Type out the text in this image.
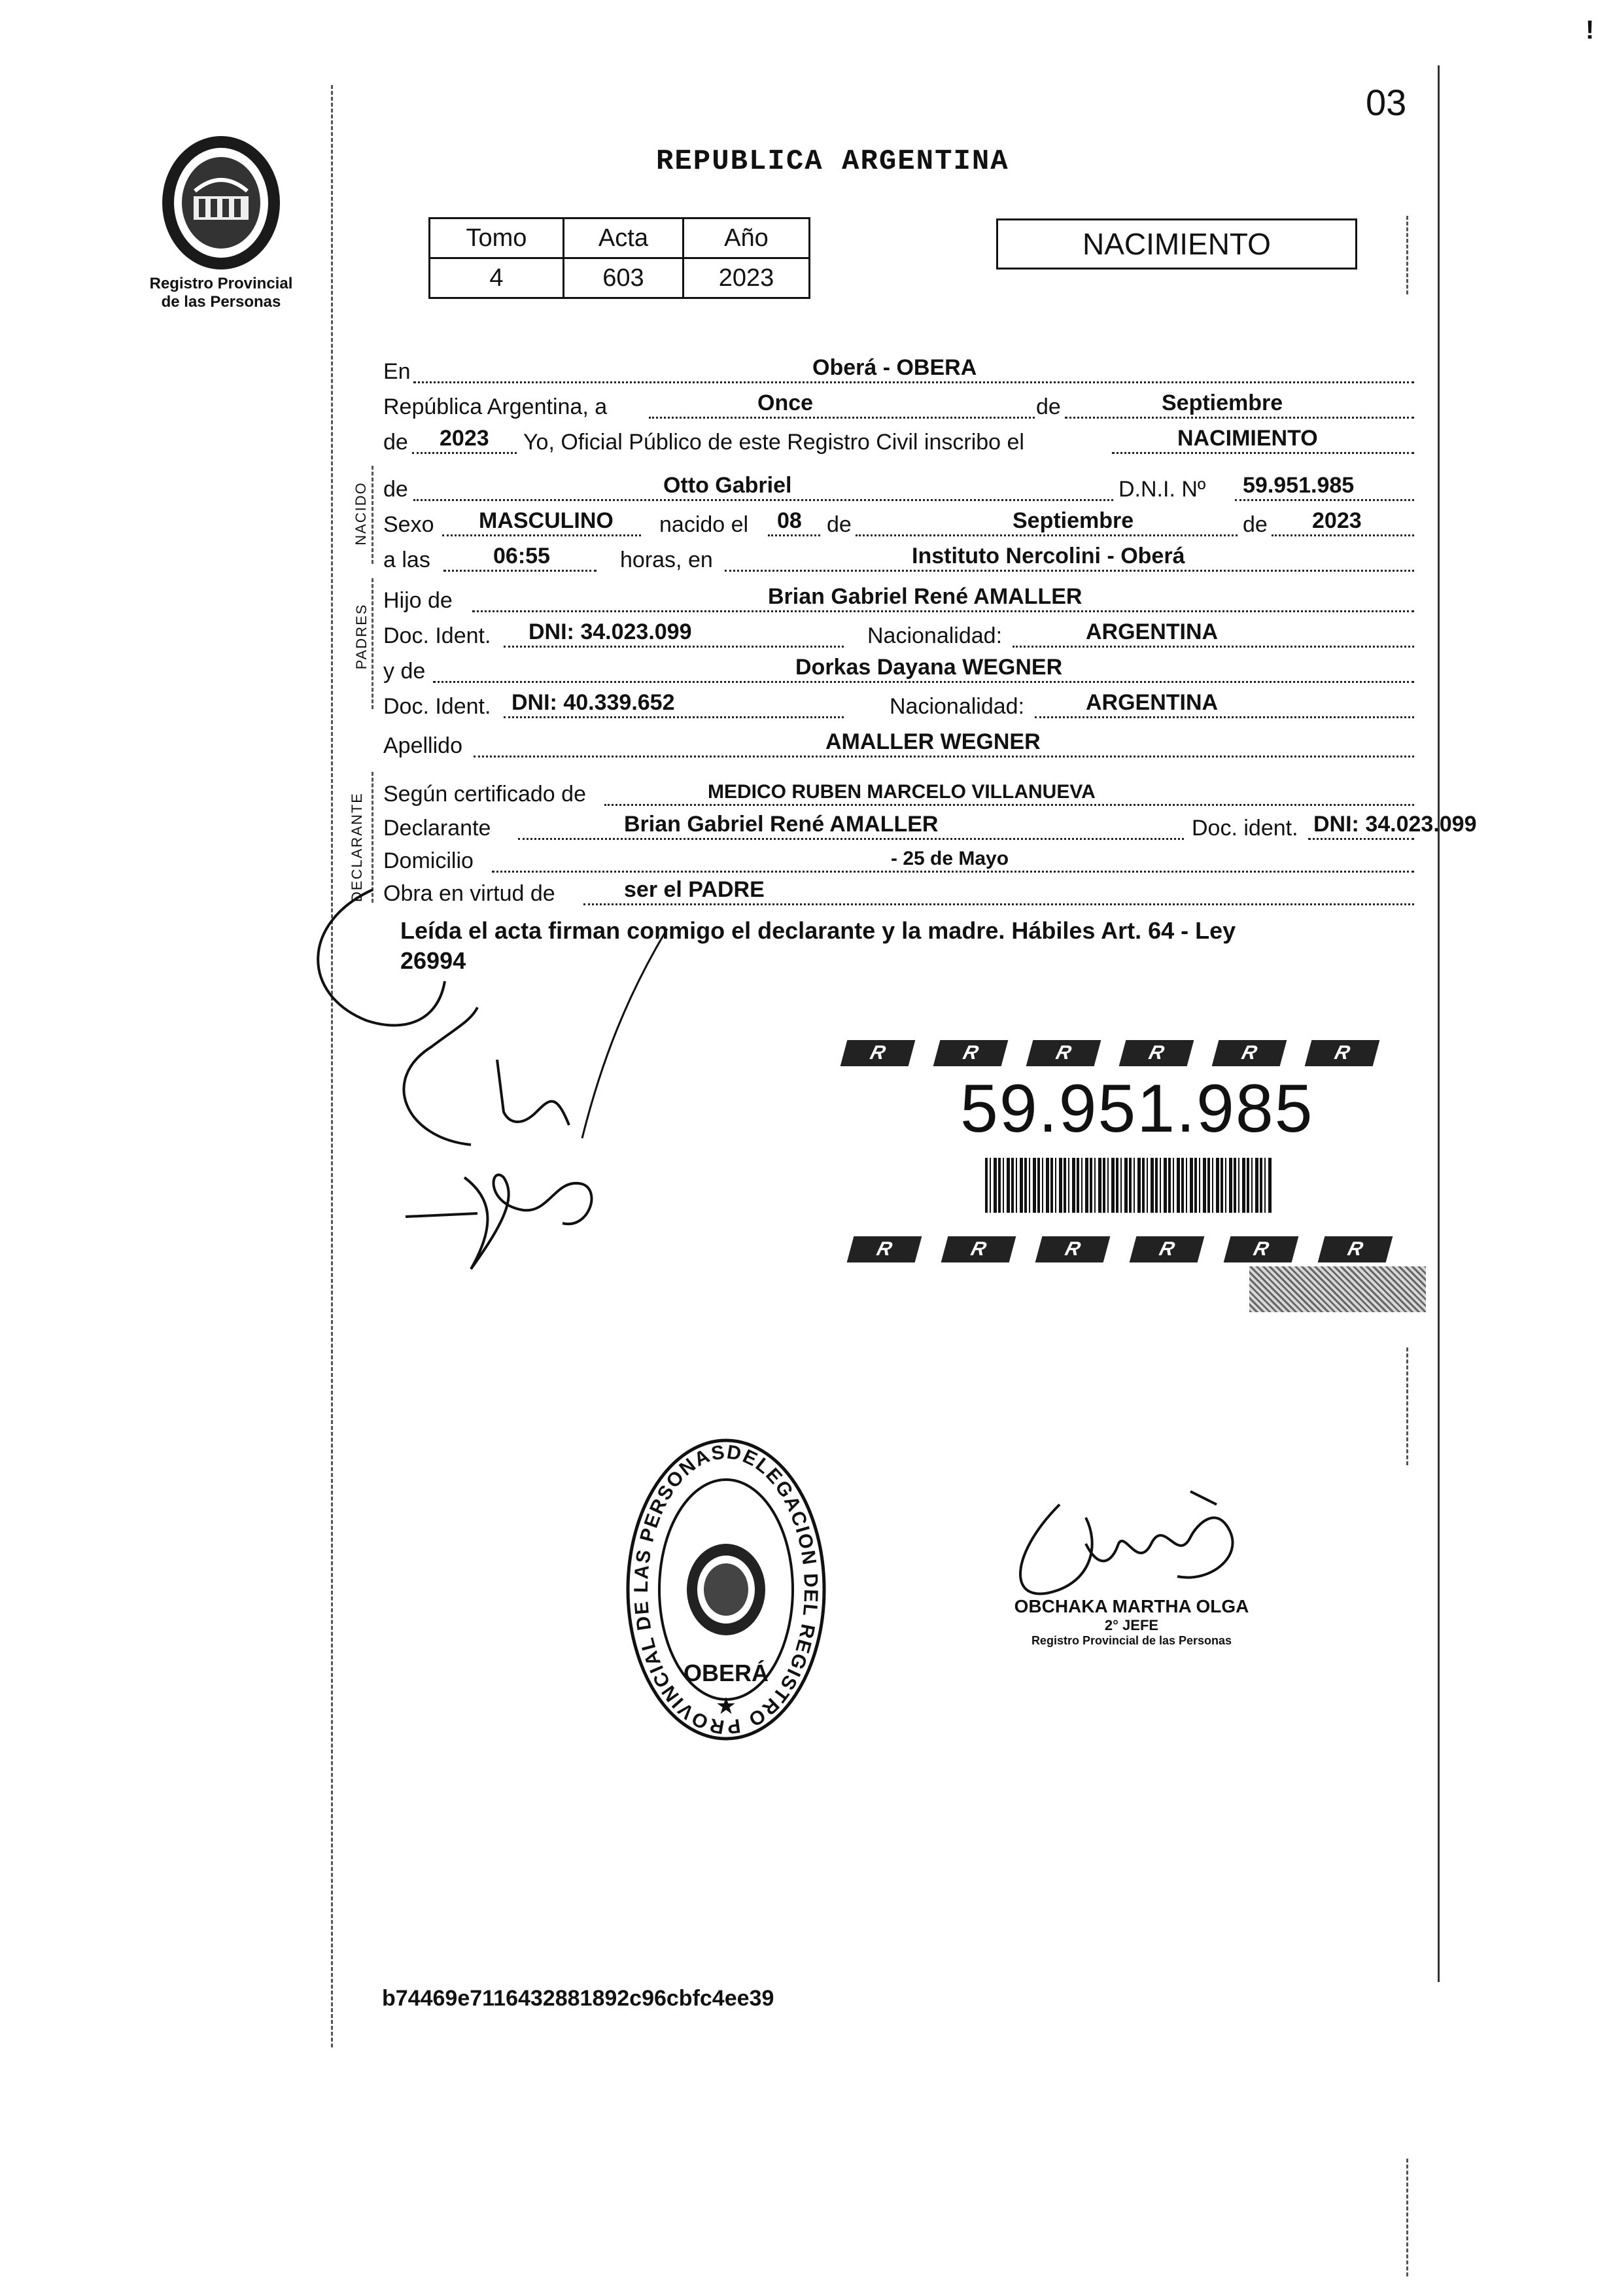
!
Registro Provincial
de las Personas
03
REPUBLICA ARGENTINA
Tomo	Acta	Año
4	603	2023
NACIMIENTO
En	Oberá - OBERA
República Argentina, a	Once	de	Septiembre
de 2023 Yo, Oficial Público de este Registro Civil inscribo el	NACIMIENTO
NACIDO de	Otto Gabriel	D.N.I. Nº 59.951.985
Sexo MASCULINO nacido el 08 de	Septiembre	de 2023
a las	06:55	horas, en	Instituto Nercolini - Oberá
PADRES
Hijo de	Brian Gabriel René AMALLER
Doc. Ident. DNI: 34.023.099	Nacionalidad:	ARGENTINA
y de	Dorkas Dayana WEGNER
Doc. Ident. DNI: 40.339.652	Nacionalidad:	ARGENTINA
Apellido	AMALLER WEGNER
DECLARANTE Según certificado de	MEDICO RUBEN MARCELO VILLANUEVA
Declarante	Brian Gabriel René AMALLER	Doc. ident. DNI: 34.023.099
Domicilio	- 25 de Mayo
Obra en virtud de	ser el PADRE
Leída el acta firman conmigo el declarante y la madre. Hábiles Art. 64 - Ley
26994
R	R	R	R	R	R
59.951.985
R	R	R	R	R	R
DELEGACION DEL REGISTRO PROVINCIAL DE LAS PERSONAS
OBERÁ
★
OBCHAKA MARTHA OLGA
2° JEFE
Registro Provincial de las Personas
b74469e7116432881892c96cbfc4ee39
